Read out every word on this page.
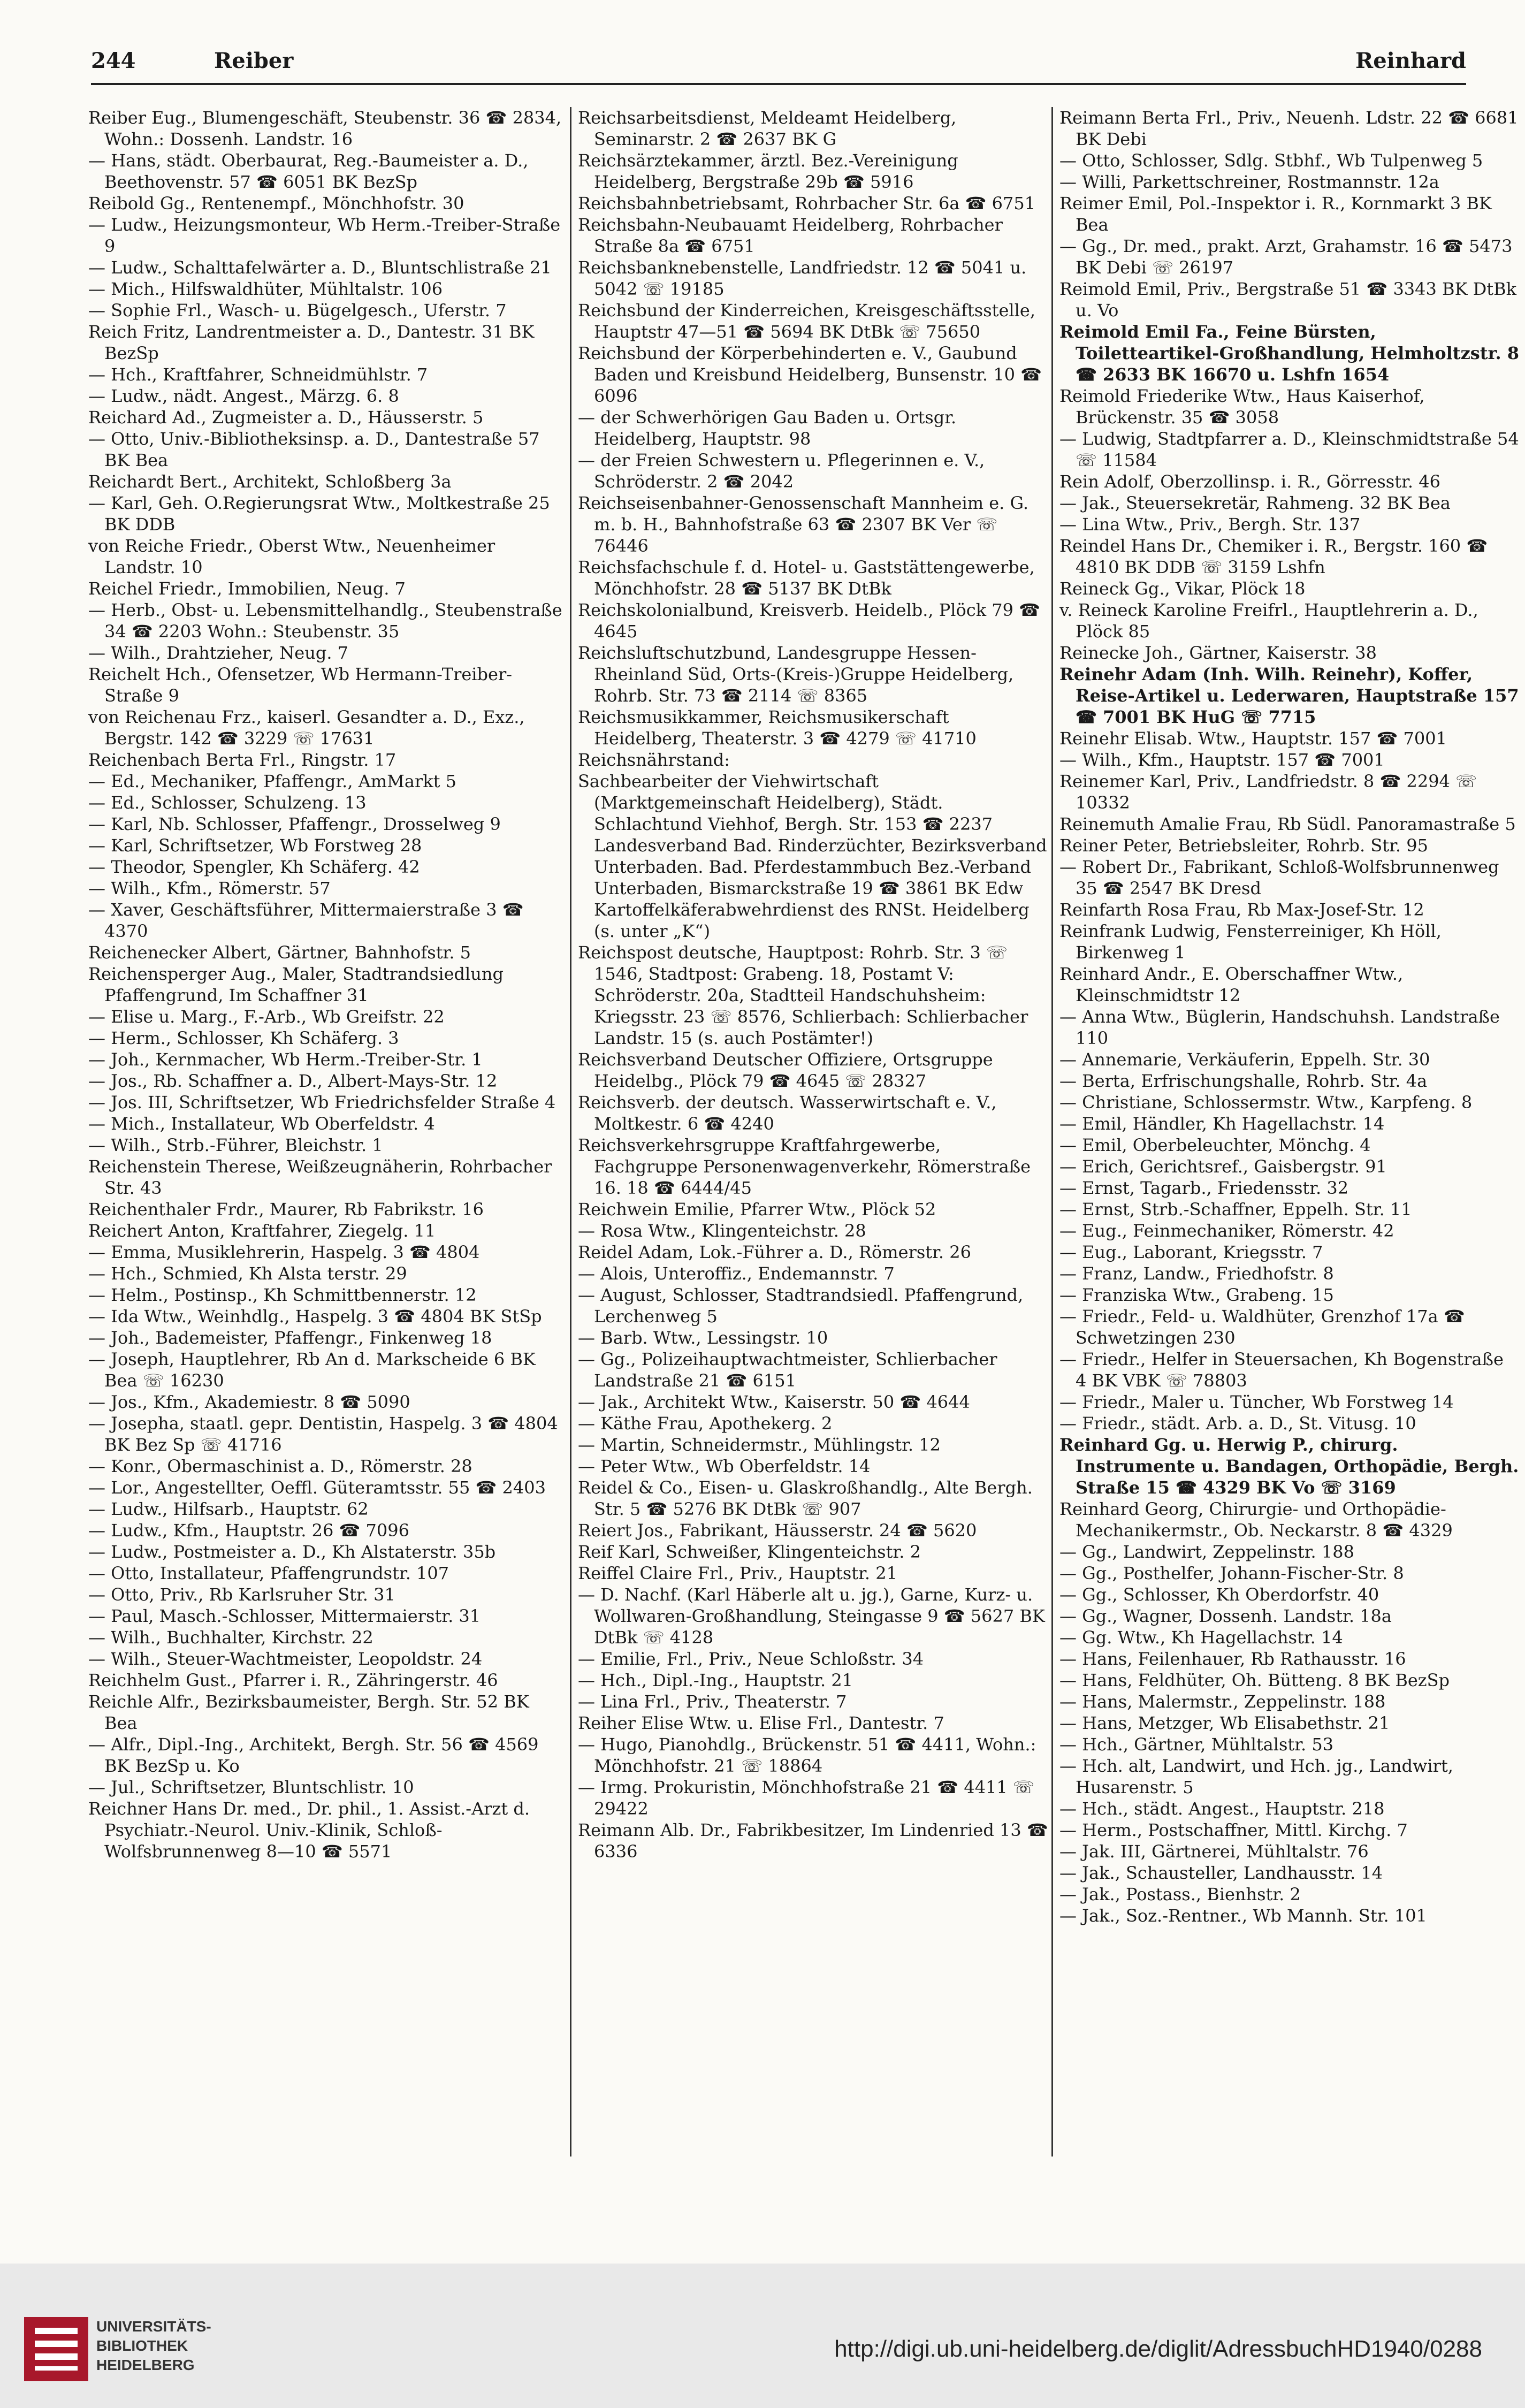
244	Reiber	Reinhard

Reiber Eug., Blumengeschäft, Steubenstr. 36 ☎ 2834, Wohn.: Dossenh. Landstr. 16

— Hans, städt. Oberbaurat, Reg.-Baumeister a. D., Beethovenstr. 57 ☎ 6051 BK BezSp

Reibold Gg., Rentenempf., Mönchhofstr. 30

— Ludw., Heizungsmonteur, Wb Herm.-Treiber-Straße 9

— Ludw., Schalttafelwärter a. D., Bluntschlistraße 21

— Mich., Hilfswaldhüter, Mühltalstr. 106

— Sophie Frl., Wasch- u. Bügelgesch., Uferstr. 7

Reich Fritz, Landrentmeister a. D., Dantestr. 31 BK BezSp

— Hch., Kraftfahrer, Schneidmühlstr. 7

— Ludw., nädt. Angest., Märzg. 6. 8

Reichard Ad., Zugmeister a. D., Häusserstr. 5

— Otto, Univ.-Bibliotheksinsp. a. D., Dantestraße 57 BK Bea

Reichardt Bert., Architekt, Schloßberg 3a

— Karl, Geh. O.Regierungsrat Wtw., Moltkestraße 25 BK DDB

von Reiche Friedr., Oberst Wtw., Neuenheimer Landstr. 10

Reichel Friedr., Immobilien, Neug. 7

— Herb., Obst- u. Lebensmittelhandlg., Steubenstraße 34 ☎ 2203 Wohn.: Steubenstr. 35

— Wilh., Drahtzieher, Neug. 7

Reichelt Hch., Ofensetzer, Wb Hermann-Treiber-Straße 9

von Reichenau Frz., kaiserl. Gesandter a. D., Exz., Bergstr. 142 ☎ 3229 ☏ 17631

Reichenbach Berta Frl., Ringstr. 17

— Ed., Mechaniker, Pfaffengr., AmMarkt 5

— Ed., Schlosser, Schulzeng. 13

— Karl, Nb. Schlosser, Pfaffengr., Drosselweg 9

— Karl, Schriftsetzer, Wb Forstweg 28

— Theodor, Spengler, Kh Schäferg. 42

— Wilh., Kfm., Römerstr. 57

— Xaver, Geschäftsführer, Mittermaierstraße 3 ☎ 4370

Reichenecker Albert, Gärtner, Bahnhofstr. 5

Reichensperger Aug., Maler, Stadtrandsiedlung Pfaffengrund, Im Schaffner 31

— Elise u. Marg., F.-Arb., Wb Greifstr. 22

— Herm., Schlosser, Kh Schäferg. 3

— Joh., Kernmacher, Wb Herm.-Treiber-Str. 1

— Jos., Rb. Schaffner a. D., Albert-Mays-Str. 12

— Jos. III, Schriftsetzer, Wb Friedrichsfelder Straße 4

— Mich., Installateur, Wb Oberfeldstr. 4

— Wilh., Strb.-Führer, Bleichstr. 1

Reichenstein Therese, Weißzeugnäherin, Rohrbacher Str. 43

Reichenthaler Frdr., Maurer, Rb Fabrikstr. 16

Reichert Anton, Kraftfahrer, Ziegelg. 11

— Emma, Musiklehrerin, Haspelg. 3 ☎ 4804

— Hch., Schmied, Kh Alsta terstr. 29

— Helm., Postinsp., Kh Schmittbennerstr. 12

— Ida Wtw., Weinhdlg., Haspelg. 3 ☎ 4804 BK StSp

— Joh., Bademeister, Pfaffengr., Finkenweg 18

— Joseph, Hauptlehrer, Rb An d. Markscheide 6 BK Bea ☏ 16230

— Jos., Kfm., Akademiestr. 8 ☎ 5090

— Josepha, staatl. gepr. Dentistin, Haspelg. 3 ☎ 4804 BK Bez Sp ☏ 41716

— Konr., Obermaschinist a. D., Römerstr. 28

— Lor., Angestellter, Oeffl. Güteramtsstr. 55 ☎ 2403

— Ludw., Hilfsarb., Hauptstr. 62

— Ludw., Kfm., Hauptstr. 26 ☎ 7096

— Ludw., Postmeister a. D., Kh Alstaterstr. 35b

— Otto, Installateur, Pfaffengrundstr. 107

— Otto, Priv., Rb Karlsruher Str. 31

— Paul, Masch.-Schlosser, Mittermaierstr. 31

— Wilh., Buchhalter, Kirchstr. 22

— Wilh., Steuer-Wachtmeister, Leopoldstr. 24

Reichhelm Gust., Pfarrer i. R., Zähringerstr. 46

Reichle Alfr., Bezirksbaumeister, Bergh. Str. 52 BK Bea

— Alfr., Dipl.-Ing., Architekt, Bergh. Str. 56 ☎ 4569 BK BezSp u. Ko

— Jul., Schriftsetzer, Bluntschlistr. 10

Reichner Hans Dr. med., Dr. phil., 1. Assist.-Arzt d. Psychiatr.-Neurol. Univ.-Klinik, Schloß-Wolfsbrunnenweg 8—10 ☎ 5571

Reichsarbeitsdienst, Meldeamt Heidelberg, Seminarstr. 2 ☎ 2637 BK G

Reichsärztekammer, ärztl. Bez.-Vereinigung Heidelberg, Bergstraße 29b ☎ 5916

Reichsbahnbetriebsamt, Rohrbacher Str. 6a ☎ 6751

Reichsbahn-Neubauamt Heidelberg, Rohrbacher Straße 8a ☎ 6751

Reichsbanknebenstelle, Landfriedstr. 12 ☎ 5041 u. 5042 ☏ 19185

Reichsbund der Kinderreichen, Kreisgeschäftsstelle, Hauptstr 47—51 ☎ 5694 BK DtBk ☏ 75650

Reichsbund der Körperbehinderten e. V., Gaubund Baden und Kreisbund Heidelberg, Bunsenstr. 10 ☎ 6096

— der Schwerhörigen Gau Baden u. Ortsgr. Heidelberg, Hauptstr. 98

— der Freien Schwestern u. Pflegerinnen e. V., Schröderstr. 2 ☎ 2042

Reichseisenbahner-Genossenschaft Mannheim e. G. m. b. H., Bahnhofstraße 63 ☎ 2307 BK Ver ☏ 76446

Reichsfachschule f. d. Hotel- u. Gaststättengewerbe, Mönchhofstr. 28 ☎ 5137 BK DtBk

Reichskolonialbund, Kreisverb. Heidelb., Plöck 79 ☎ 4645

Reichsluftschutzbund, Landesgruppe Hessen-Rheinland Süd, Orts-(Kreis-)Gruppe Heidelberg, Rohrb. Str. 73 ☎ 2114 ☏ 8365

Reichsmusikkammer, Reichsmusikerschaft Heidelberg, Theaterstr. 3 ☎ 4279 ☏ 41710

Reichsnährstand:

Sachbearbeiter der Viehwirtschaft (Marktgemeinschaft Heidelberg), Städt. Schlachtund Viehhof, Bergh. Str. 153 ☎ 2237 Landesverband Bad. Rinderzüchter, Bezirksverband Unterbaden. Bad. Pferdestammbuch Bez.-Verband Unterbaden, Bismarckstraße 19 ☎ 3861 BK Edw Kartoffelkäferabwehrdienst des RNSt. Heidelberg (s. unter „K“)

Reichspost deutsche, Hauptpost: Rohrb. Str. 3 ☏ 1546, Stadtpost: Grabeng. 18, Postamt V: Schröderstr. 20a, Stadtteil Handschuhsheim: Kriegsstr. 23 ☏ 8576, Schlierbach: Schlierbacher Landstr. 15 (s. auch Postämter!)

Reichsverband Deutscher Offiziere, Ortsgruppe Heidelbg., Plöck 79 ☎ 4645 ☏ 28327

Reichsverb. der deutsch. Wasserwirtschaft e. V., Moltkestr. 6 ☎ 4240

Reichsverkehrsgruppe Kraftfahrgewerbe, Fachgruppe Personenwagenverkehr, Römerstraße 16. 18 ☎ 6444/45

Reichwein Emilie, Pfarrer Wtw., Plöck 52

— Rosa Wtw., Klingenteichstr. 28

Reidel Adam, Lok.-Führer a. D., Römerstr. 26

— Alois, Unteroffiz., Endemannstr. 7

— August, Schlosser, Stadtrandsiedl. Pfaffengrund, Lerchenweg 5

— Barb. Wtw., Lessingstr. 10

— Gg., Polizeihauptwachtmeister, Schlierbacher Landstraße 21 ☎ 6151

— Jak., Architekt Wtw., Kaiserstr. 50 ☎ 4644

— Käthe Frau, Apothekerg. 2

— Martin, Schneidermstr., Mühlingstr. 12

— Peter Wtw., Wb Oberfeldstr. 14

Reidel & Co., Eisen- u. Glaskroßhandlg., Alte Bergh. Str. 5 ☎ 5276 BK DtBk ☏ 907

Reiert Jos., Fabrikant, Häusserstr. 24 ☎ 5620

Reif Karl, Schweißer, Klingenteichstr. 2

Reiffel Claire Frl., Priv., Hauptstr. 21

— D. Nachf. (Karl Häberle alt u. jg.), Garne, Kurz- u. Wollwaren-Großhandlung, Steingasse 9 ☎ 5627 BK DtBk ☏ 4128

— Emilie, Frl., Priv., Neue Schloßstr. 34

— Hch., Dipl.-Ing., Hauptstr. 21

— Lina Frl., Priv., Theaterstr. 7

Reiher Elise Wtw. u. Elise Frl., Dantestr. 7

— Hugo, Pianohdlg., Brückenstr. 51 ☎ 4411, Wohn.: Mönchhofstr. 21 ☏ 18864

— Irmg. Prokuristin, Mönchhofstraße 21 ☎ 4411 ☏ 29422

Reimann Alb. Dr., Fabrikbesitzer, Im Lindenried 13 ☎ 6336

Reimann Berta Frl., Priv., Neuenh. Ldstr. 22 ☎ 6681 BK Debi

— Otto, Schlosser, Sdlg. Stbhf., Wb Tulpenweg 5

— Willi, Parkettschreiner, Rostmannstr. 12a

Reimer Emil, Pol.-Inspektor i. R., Kornmarkt 3 BK Bea

— Gg., Dr. med., prakt. Arzt, Grahamstr. 16 ☎ 5473 BK Debi ☏ 26197

Reimold Emil, Priv., Bergstraße 51 ☎ 3343 BK DtBk u. Vo

Reimold Emil Fa., Feine Bürsten, Toiletteartikel-Großhandlung, Helmholtzstr. 8 ☎ 2633 BK 16670 u. Lshfn 1654

Reimold Friederike Wtw., Haus Kaiserhof, Brückenstr. 35 ☎ 3058

— Ludwig, Stadtpfarrer a. D., Kleinschmidtstraße 54 ☏ 11584

Rein Adolf, Oberzollinsp. i. R., Görresstr. 46

— Jak., Steuersekretär, Rahmeng. 32 BK Bea

— Lina Wtw., Priv., Bergh. Str. 137

Reindel Hans Dr., Chemiker i. R., Bergstr. 160 ☎ 4810 BK DDB ☏ 3159 Lshfn

Reineck Gg., Vikar, Plöck 18

v. Reineck Karoline Freifrl., Hauptlehrerin a. D., Plöck 85

Reinecke Joh., Gärtner, Kaiserstr. 38

Reinehr Adam (Inh. Wilh. Reinehr), Koffer, Reise-Artikel u. Lederwaren, Hauptstraße 157 ☎ 7001 BK HuG ☏ 7715

Reinehr Elisab. Wtw., Hauptstr. 157 ☎ 7001

— Wilh., Kfm., Hauptstr. 157 ☎ 7001

Reinemer Karl, Priv., Landfriedstr. 8 ☎ 2294 ☏ 10332

Reinemuth Amalie Frau, Rb Südl. Panoramastraße 5

Reiner Peter, Betriebsleiter, Rohrb. Str. 95

— Robert Dr., Fabrikant, Schloß-Wolfsbrunnenweg 35 ☎ 2547 BK Dresd

Reinfarth Rosa Frau, Rb Max-Josef-Str. 12

Reinfrank Ludwig, Fensterreiniger, Kh Höll, Birkenweg 1

Reinhard Andr., E. Oberschaffner Wtw., Kleinschmidtstr 12

— Anna Wtw., Büglerin, Handschuhsh. Landstraße 110

— Annemarie, Verkäuferin, Eppelh. Str. 30

— Berta, Erfrischungshalle, Rohrb. Str. 4a

— Christiane, Schlossermstr. Wtw., Karpfeng. 8

— Emil, Händler, Kh Hagellachstr. 14

— Emil, Oberbeleuchter, Mönchg. 4

— Erich, Gerichtsref., Gaisbergstr. 91

— Ernst, Tagarb., Friedensstr. 32

— Ernst, Strb.-Schaffner, Eppelh. Str. 11

— Eug., Feinmechaniker, Römerstr. 42

— Eug., Laborant, Kriegsstr. 7

— Franz, Landw., Friedhofstr. 8

— Franziska Wtw., Grabeng. 15

— Friedr., Feld- u. Waldhüter, Grenzhof 17a ☎ Schwetzingen 230

— Friedr., Helfer in Steuersachen, Kh Bogenstraße 4 BK VBK ☏ 78803

— Friedr., Maler u. Tüncher, Wb Forstweg 14

— Friedr., städt. Arb. a. D., St. Vitusg. 10

Reinhard Gg. u. Herwig P., chirurg. Instrumente u. Bandagen, Orthopädie, Bergh. Straße 15 ☎ 4329 BK Vo ☏ 3169

Reinhard Georg, Chirurgie- und Orthopädie-Mechanikermstr., Ob. Neckarstr. 8 ☎ 4329

— Gg., Landwirt, Zeppelinstr. 188

— Gg., Posthelfer, Johann-Fischer-Str. 8

— Gg., Schlosser, Kh Oberdorfstr. 40

— Gg., Wagner, Dossenh. Landstr. 18a

— Gg. Wtw., Kh Hagellachstr. 14

— Hans, Feilenhauer, Rb Rathausstr. 16

— Hans, Feldhüter, Oh. Bütteng. 8 BK BezSp

— Hans, Malermstr., Zeppelinstr. 188

— Hans, Metzger, Wb Elisabethstr. 21

— Hch., Gärtner, Mühltalstr. 53

— Hch. alt, Landwirt, und Hch. jg., Landwirt, Husarenstr. 5

— Hch., städt. Angest., Hauptstr. 218

— Herm., Postschaffner, Mittl. Kirchg. 7

— Jak. III, Gärtnerei, Mühltalstr. 76

— Jak., Schausteller, Landhausstr. 14

— Jak., Postass., Bienhstr. 2

— Jak., Soz.-Rentner., Wb Mannh. Str. 101

UNIVERSITÄTS-
BIBLIOTHEK
HEIDELBERG
http://digi.ub.uni-heidelberg.de/diglit/AdressbuchHD1940/0288
